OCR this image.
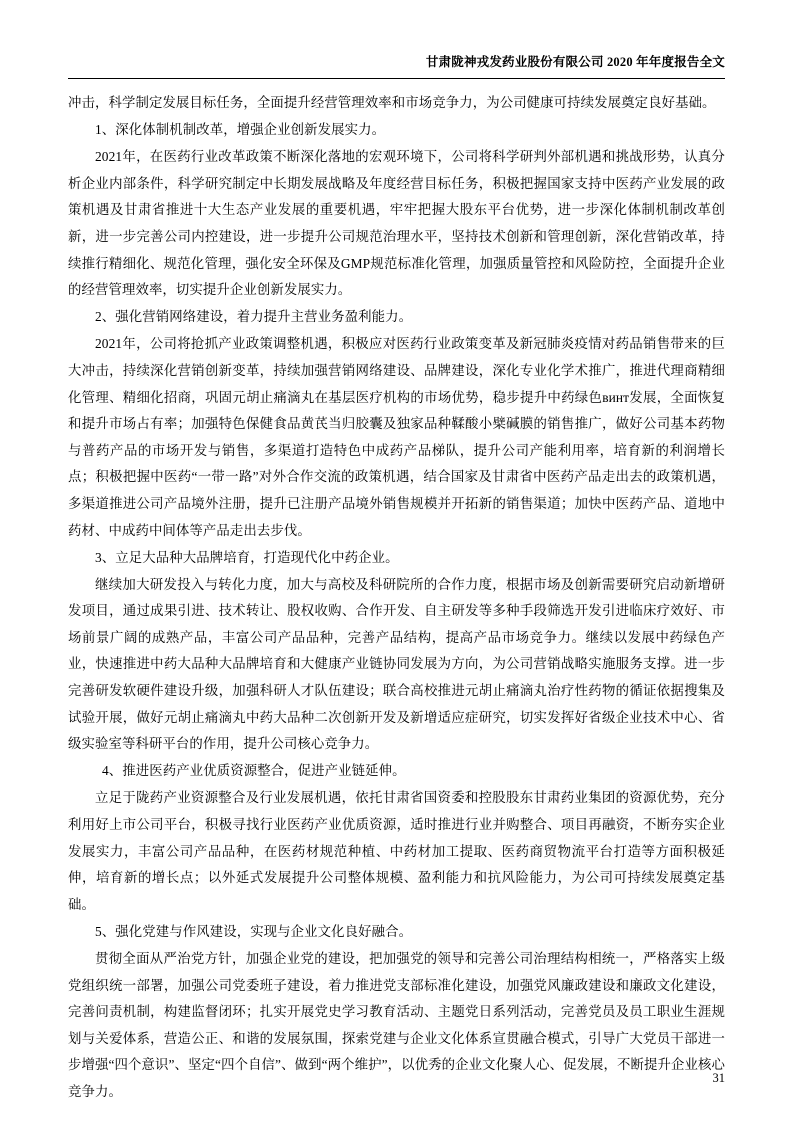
甘肃陇神戎发药业股份有限公司 2020 年年度报告全文

冲击，科学制定发展目标任务，全面提升经营管理效率和市场竞争力，为公司健康可持续发展奠定良好基础。

1、深化体制机制改革，增强企业创新发展实力。

2021年，在医药行业改革政策不断深化落地的宏观环境下，公司将科学研判外部机遇和挑战形势，认真分析企业内部条件，科学研究制定中长期发展战略及年度经营目标任务，积极把握国家支持中医药产业发展的政策机遇及甘肃省推进十大生态产业发展的重要机遇，牢牢把握大股东平台优势，进一步深化体制机制改革创新，进一步完善公司内控建设，进一步提升公司规范治理水平，坚持技术创新和管理创新，深化营销改革，持续推行精细化、规范化管理，强化安全环保及GMP规范标准化管理，加强质量管控和风险防控，全面提升企业的经营管理效率，切实提升企业创新发展实力。

2、强化营销网络建设，着力提升主营业务盈利能力。

2021年，公司将抢抓产业政策调整机遇，积极应对医药行业政策变革及新冠肺炎疫情对药品销售带来的巨大冲击，持续深化营销创新变革，持续加强营销网络建设、品牌建设，深化专业化学术推广，推进代理商精细化管理、精细化招商，巩固元胡止痛滴丸在基层医疗机构的市场优势，稳步提升中药绿色винт发展，全面恢复和提升市场占有率；加强特色保健食品黄芪当归胶囊及独家品种鞣酸小檗碱膜的销售推广，做好公司基本药物与普药产品的市场开发与销售，多渠道打造特色中成药产品梯队，提升公司产能利用率，培育新的利润增长点；积极把握中医药“一带一路”对外合作交流的政策机遇，结合国家及甘肃省中医药产品走出去的政策机遇，多渠道推进公司产品境外注册，提升已注册产品境外销售规模并开拓新的销售渠道；加快中医药产品、道地中药材、中成药中间体等产品走出去步伐。

3、立足大品种大品牌培育，打造现代化中药企业。

继续加大研发投入与转化力度，加大与高校及科研院所的合作力度，根据市场及创新需要研究启动新增研发项目，通过成果引进、技术转让、股权收购、合作开发、自主研发等多种手段筛选开发引进临床疗效好、市场前景广阔的成熟产品，丰富公司产品品种，完善产品结构，提高产品市场竞争力。继续以发展中药绿色产业，快速推进中药大品种大品牌培育和大健康产业链协同发展为方向，为公司营销战略实施服务支撑。进一步完善研发软硬件建设升级，加强科研人才队伍建设；联合高校推进元胡止痛滴丸治疗性药物的循证依据搜集及试验开展，做好元胡止痛滴丸中药大品种二次创新开发及新增适应症研究，切实发挥好省级企业技术中心、省级实验室等科研平台的作用，提升公司核心竞争力。

4、推进医药产业优质资源整合，促进产业链延伸。

立足于陇药产业资源整合及行业发展机遇，依托甘肃省国资委和控股股东甘肃药业集团的资源优势，充分利用好上市公司平台，积极寻找行业医药产业优质资源，适时推进行业并购整合、项目再融资，不断夯实企业发展实力，丰富公司产品品种，在医药材规范种植、中药材加工提取、医药商贸物流平台打造等方面积极延伸，培育新的增长点；以外延式发展提升公司整体规模、盈利能力和抗风险能力，为公司可持续发展奠定基础。

5、强化党建与作风建设，实现与企业文化良好融合。

贯彻全面从严治党方针，加强企业党的建设，把加强党的领导和完善公司治理结构相统一，严格落实上级党组织统一部署，加强公司党委班子建设，着力推进党支部标准化建设，加强党风廉政建设和廉政文化建设，完善问责机制，构建监督闭环；扎实开展党史学习教育活动、主题党日系列活动，完善党员及员工职业生涯规划与关爱体系，营造公正、和谐的发展氛围，探索党建与企业文化体系宣贯融合模式，引导广大党员干部进一步增强“四个意识”、坚定“四个自信”、做到“两个维护”，以优秀的企业文化聚人心、促发展，不断提升企业核心竞争力。

31
